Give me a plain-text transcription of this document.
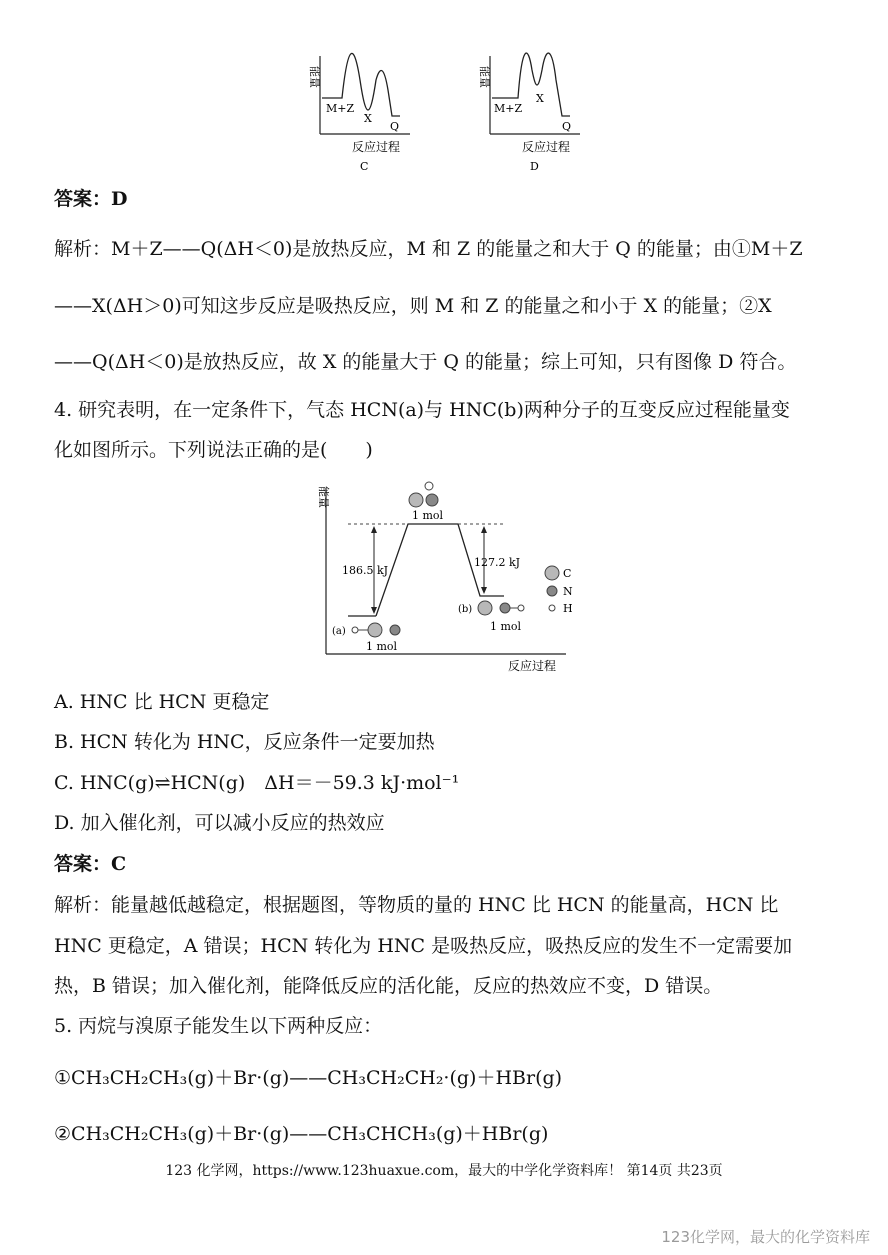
能量
M+Z
X
Q
反应过程
C
能量
M+Z
X
Q
反应过程
D
答案：D
解析：M＋Z——Q(ΔH＜0)是放热反应，M 和 Z 的能量之和大于 Q 的能量；由①M＋Z
——X(ΔH＞0)可知这步反应是吸热反应，则 M 和 Z 的能量之和小于 X 的能量；②X
——Q(ΔH＜0)是放热反应，故 X 的能量大于 Q 的能量；综上可知，只有图像 D 符合。
4. 研究表明，在一定条件下，气态 HCN(a)与 HNC(b)两种分子的互变反应过程能量变
化如图所示。下列说法正确的是(　　)
能量
186.5 kJ
127.2 kJ
1 mol
(a)
1 mol
(b)
1 mol
C
N
H
反应过程
A. HNC 比 HCN 更稳定
B. HCN 转化为 HNC，反应条件一定要加热
C. HNC(g)⇌HCN(g)　ΔH＝－59.3 kJ·mol⁻¹
D. 加入催化剂，可以减小反应的热效应
答案：C
解析：能量越低越稳定，根据题图，等物质的量的 HNC 比 HCN 的能量高，HCN 比
HNC 更稳定，A 错误；HCN 转化为 HNC 是吸热反应，吸热反应的发生不一定需要加
热，B 错误；加入催化剂，能降低反应的活化能，反应的热效应不变，D 错误。
5. 丙烷与溴原子能发生以下两种反应：
①CH₃CH₂CH₃(g)＋Br·(g)——CH₃CH₂CH₂·(g)＋HBr(g)
②CH₃CH₂CH₃(g)＋Br·(g)——CH₃CHCH₃(g)＋HBr(g)
123 化学网，https://www.123huaxue.com，最大的中学化学资料库！ 第14页 共23页
123化学网，最大的化学资料库
